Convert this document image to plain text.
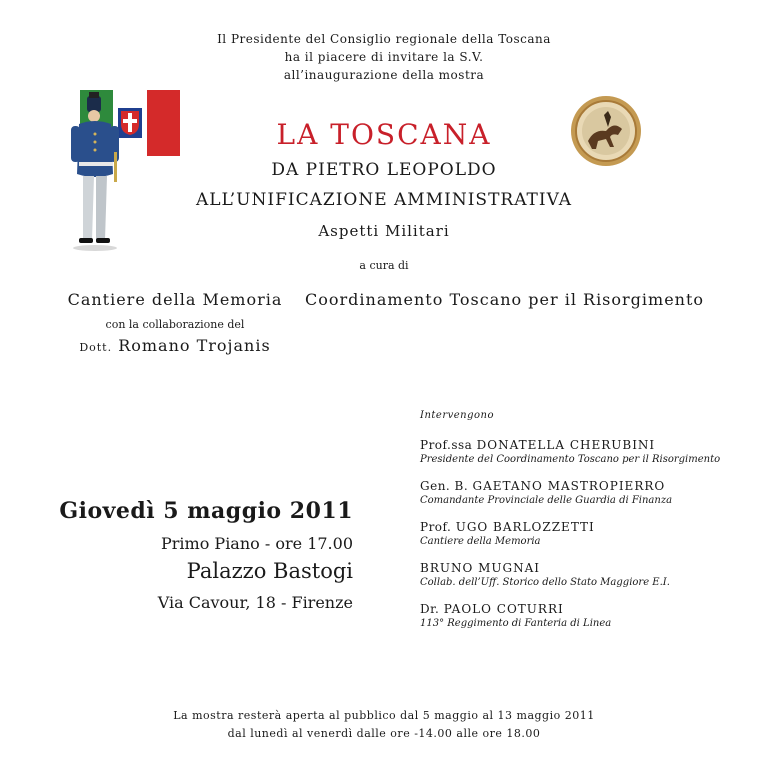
Il Presidente del Consiglio regionale della Toscana
ha il piacere di invitare la S.V.
all’inaugurazione della mostra
LA TOSCANA
DA PIETRO LEOPOLDO
ALL’UNIFICAZIONE AMMINISTRATIVA
Aspetti Militari
a cura di
Cantiere della Memoria
con la collaborazione del
Dott. Romano Trojanis
Coordinamento Toscano per il Risorgimento
Giovedì 5 maggio 2011
Primo Piano - ore 17.00
Palazzo Bastogi
Via Cavour, 18 - Firenze
Intervengono
Prof.ssa DONATELLA CHERUBINI
Presidente del Coordinamento Toscano per il Risorgimento
Gen. B. GAETANO MASTROPIERRO
Comandante Provinciale delle Guardia di Finanza
Prof. UGO BARLOZZETTI
Cantiere della Memoria
BRUNO MUGNAI
Collab. dell’Uff. Storico dello Stato Maggiore E.I.
Dr. PAOLO COTURRI
113° Reggimento di Fanteria di Linea
La mostra resterà aperta al pubblico dal 5 maggio al 13 maggio 2011
dal lunedì al venerdì dalle ore -14.00 alle ore 18.00
